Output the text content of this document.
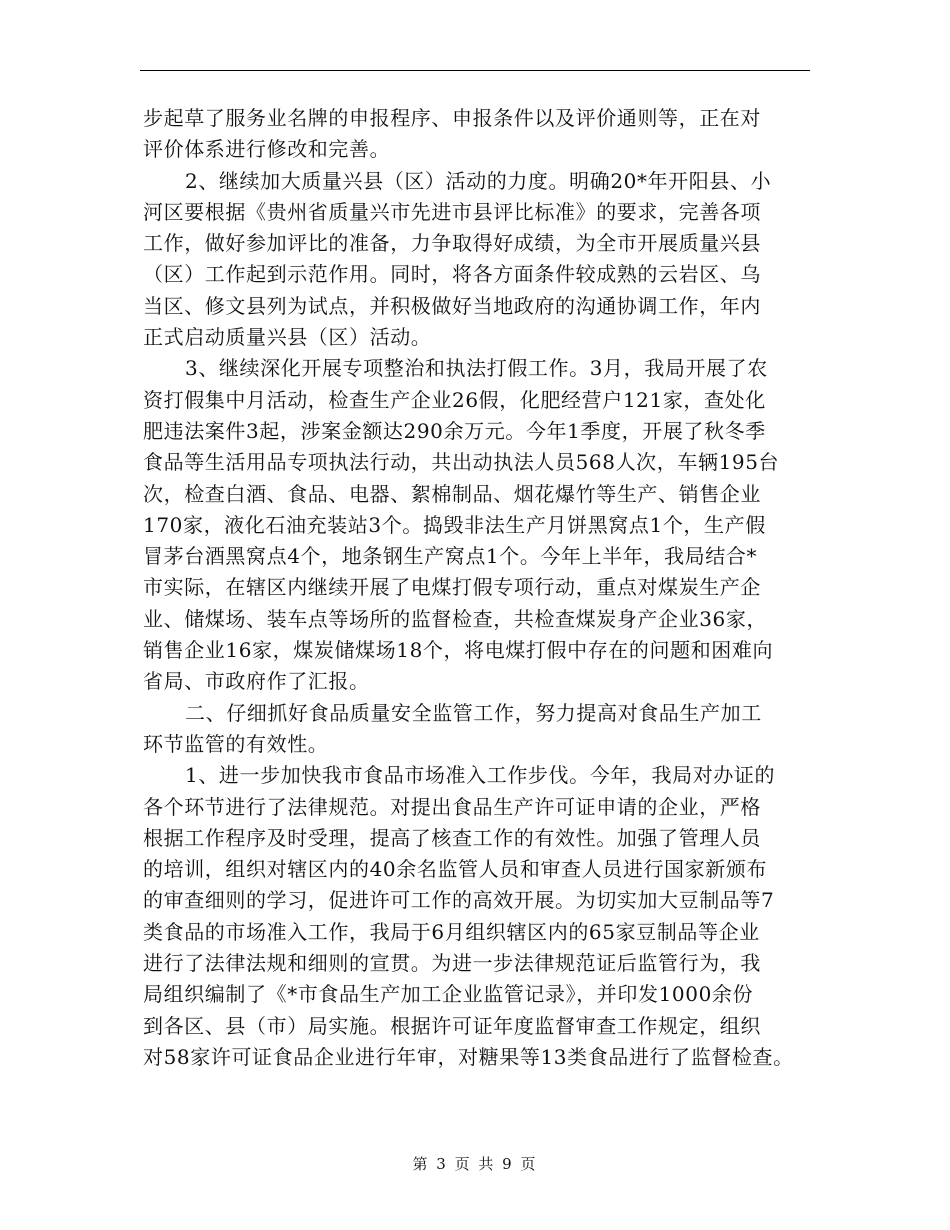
步起草了服务业名牌的申报程序、申报条件以及评价通则等，正在对
评价体系进行修改和完善。
2、继续加大质量兴县（区）活动的力度。明确20*年开阳县、小
河区要根据《贵州省质量兴市先进市县评比标准》的要求，完善各项
工作，做好参加评比的准备，力争取得好成绩，为全市开展质量兴县
（区）工作起到示范作用。同时，将各方面条件较成熟的云岩区、乌
当区、修文县列为试点，并积极做好当地政府的沟通协调工作，年内
正式启动质量兴县（区）活动。
3、继续深化开展专项整治和执法打假工作。3月，我局开展了农
资打假集中月活动，检查生产企业26假，化肥经营户121家，查处化
肥违法案件3起，涉案金额达290余万元。今年1季度，开展了秋冬季
食品等生活用品专项执法行动，共出动执法人员568人次，车辆195台
次，检查白酒、食品、电器、絮棉制品、烟花爆竹等生产、销售企业
170家，液化石油充装站3个。捣毁非法生产月饼黑窝点1个，生产假
冒茅台酒黑窝点4个，地条钢生产窝点1个。今年上半年，我局结合*
市实际，在辖区内继续开展了电煤打假专项行动，重点对煤炭生产企
业、储煤场、装车点等场所的监督检查，共检查煤炭身产企业36家，
销售企业16家，煤炭储煤场18个，将电煤打假中存在的问题和困难向
省局、市政府作了汇报。
二、仔细抓好食品质量安全监管工作，努力提高对食品生产加工
环节监管的有效性。
1、进一步加快我市食品市场准入工作步伐。今年，我局对办证的
各个环节进行了法律规范。对提出食品生产许可证申请的企业，严格
根据工作程序及时受理，提高了核查工作的有效性。加强了管理人员
的培训，组织对辖区内的40余名监管人员和审查人员进行国家新颁布
的审查细则的学习，促进许可工作的高效开展。为切实加大豆制品等7
类食品的市场准入工作，我局于6月组织辖区内的65家豆制品等企业
进行了法律法规和细则的宣贯。为进一步法律规范证后监管行为，我
局组织编制了《*市食品生产加工企业监管记录》，并印发1000余份
到各区、县（市）局实施。根据许可证年度监督审查工作规定，组织
对58家许可证食品企业进行年审，对糖果等13类食品进行了监督检查。
第 3 页 共 9 页
